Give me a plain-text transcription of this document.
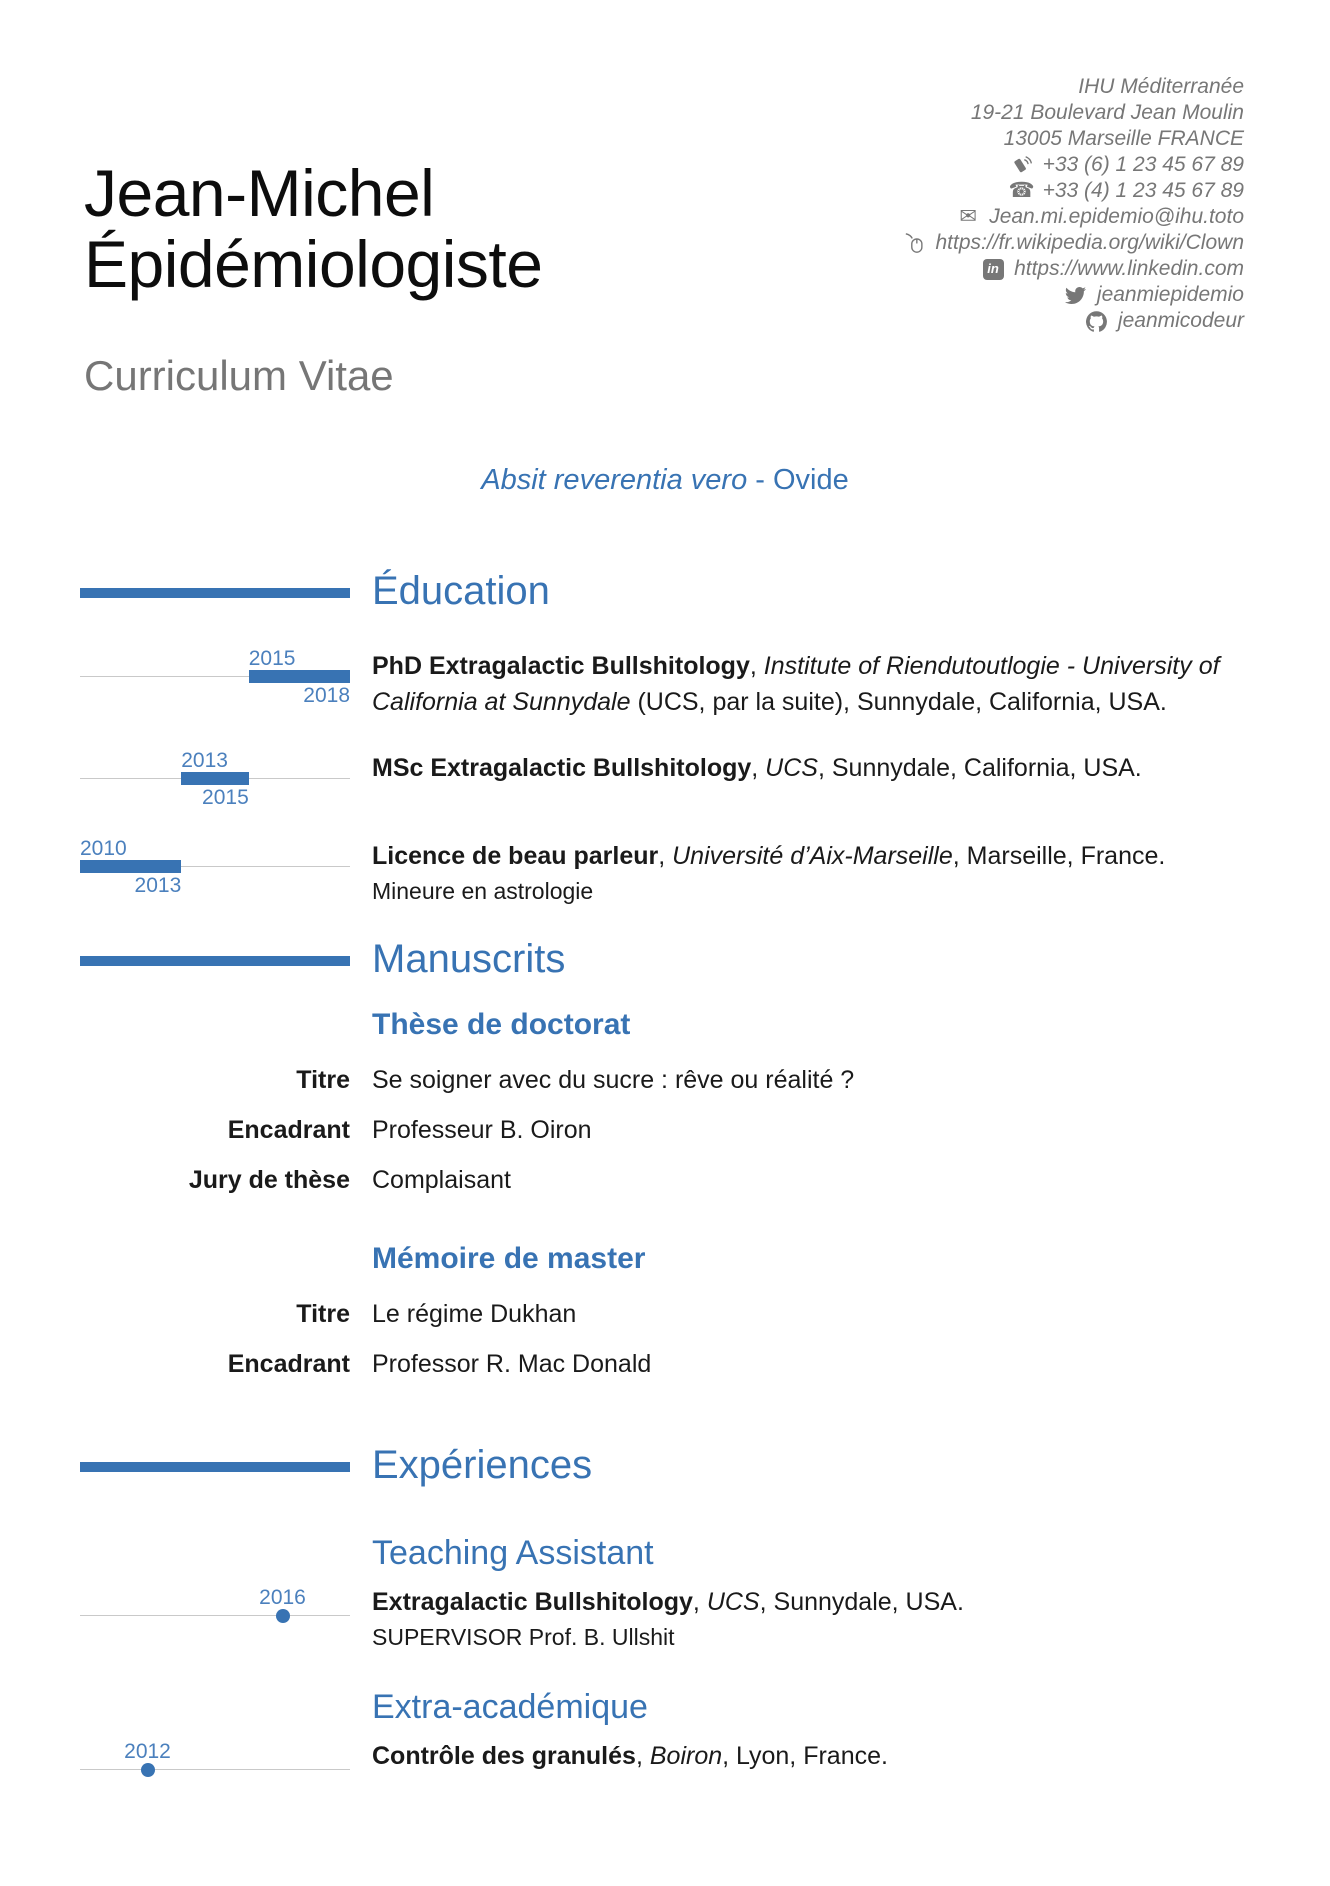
IHU Méditerranée
19-21 Boulevard Jean Moulin
13005 Marseille FRANCE
+33 (6) 1 23 45 67 89
☎ +33 (4) 1 23 45 67 89
✉ Jean.mi.epidemio@ihu.toto
https://fr.wikipedia.org/wiki/Clown
in https://www.linkedin.com
jeanmiepidemio
jeanmicodeur
Jean-Michel
Épidémiologiste
Curriculum Vitae
Absit reverentia vero - Ovide
Éducation
2015
2018

PhD Extragalactic Bullshitology, Institute of Riendutoutlogie - University of California at Sunnydale (UCS, par la suite), Sunnydale, California, USA.

2013
2015

MSc Extragalactic Bullshitology, UCS, Sunnydale, California, USA.

2010
2013

Licence de beau parleur, Université d’Aix-Marseille, Marseille, France.

Mineure en astrologie

Manuscrits
Thèse de doctorat
Titre Se soigner avec du sucre : rêve ou réalité ?
Encadrant Professeur B. Oiron
Jury de thèse Complaisant
Mémoire de master
Titre Le régime Dukhan
Encadrant Professor R. Mac Donald
Expériences
Teaching Assistant
2016	Extragalactic Bullshitology, UCS, Sunnydale, USA.

SUPERVISOR Prof. B. Ullshit

Extra-académique
2012	Contrôle des granulés, Boiron, Lyon, France.
